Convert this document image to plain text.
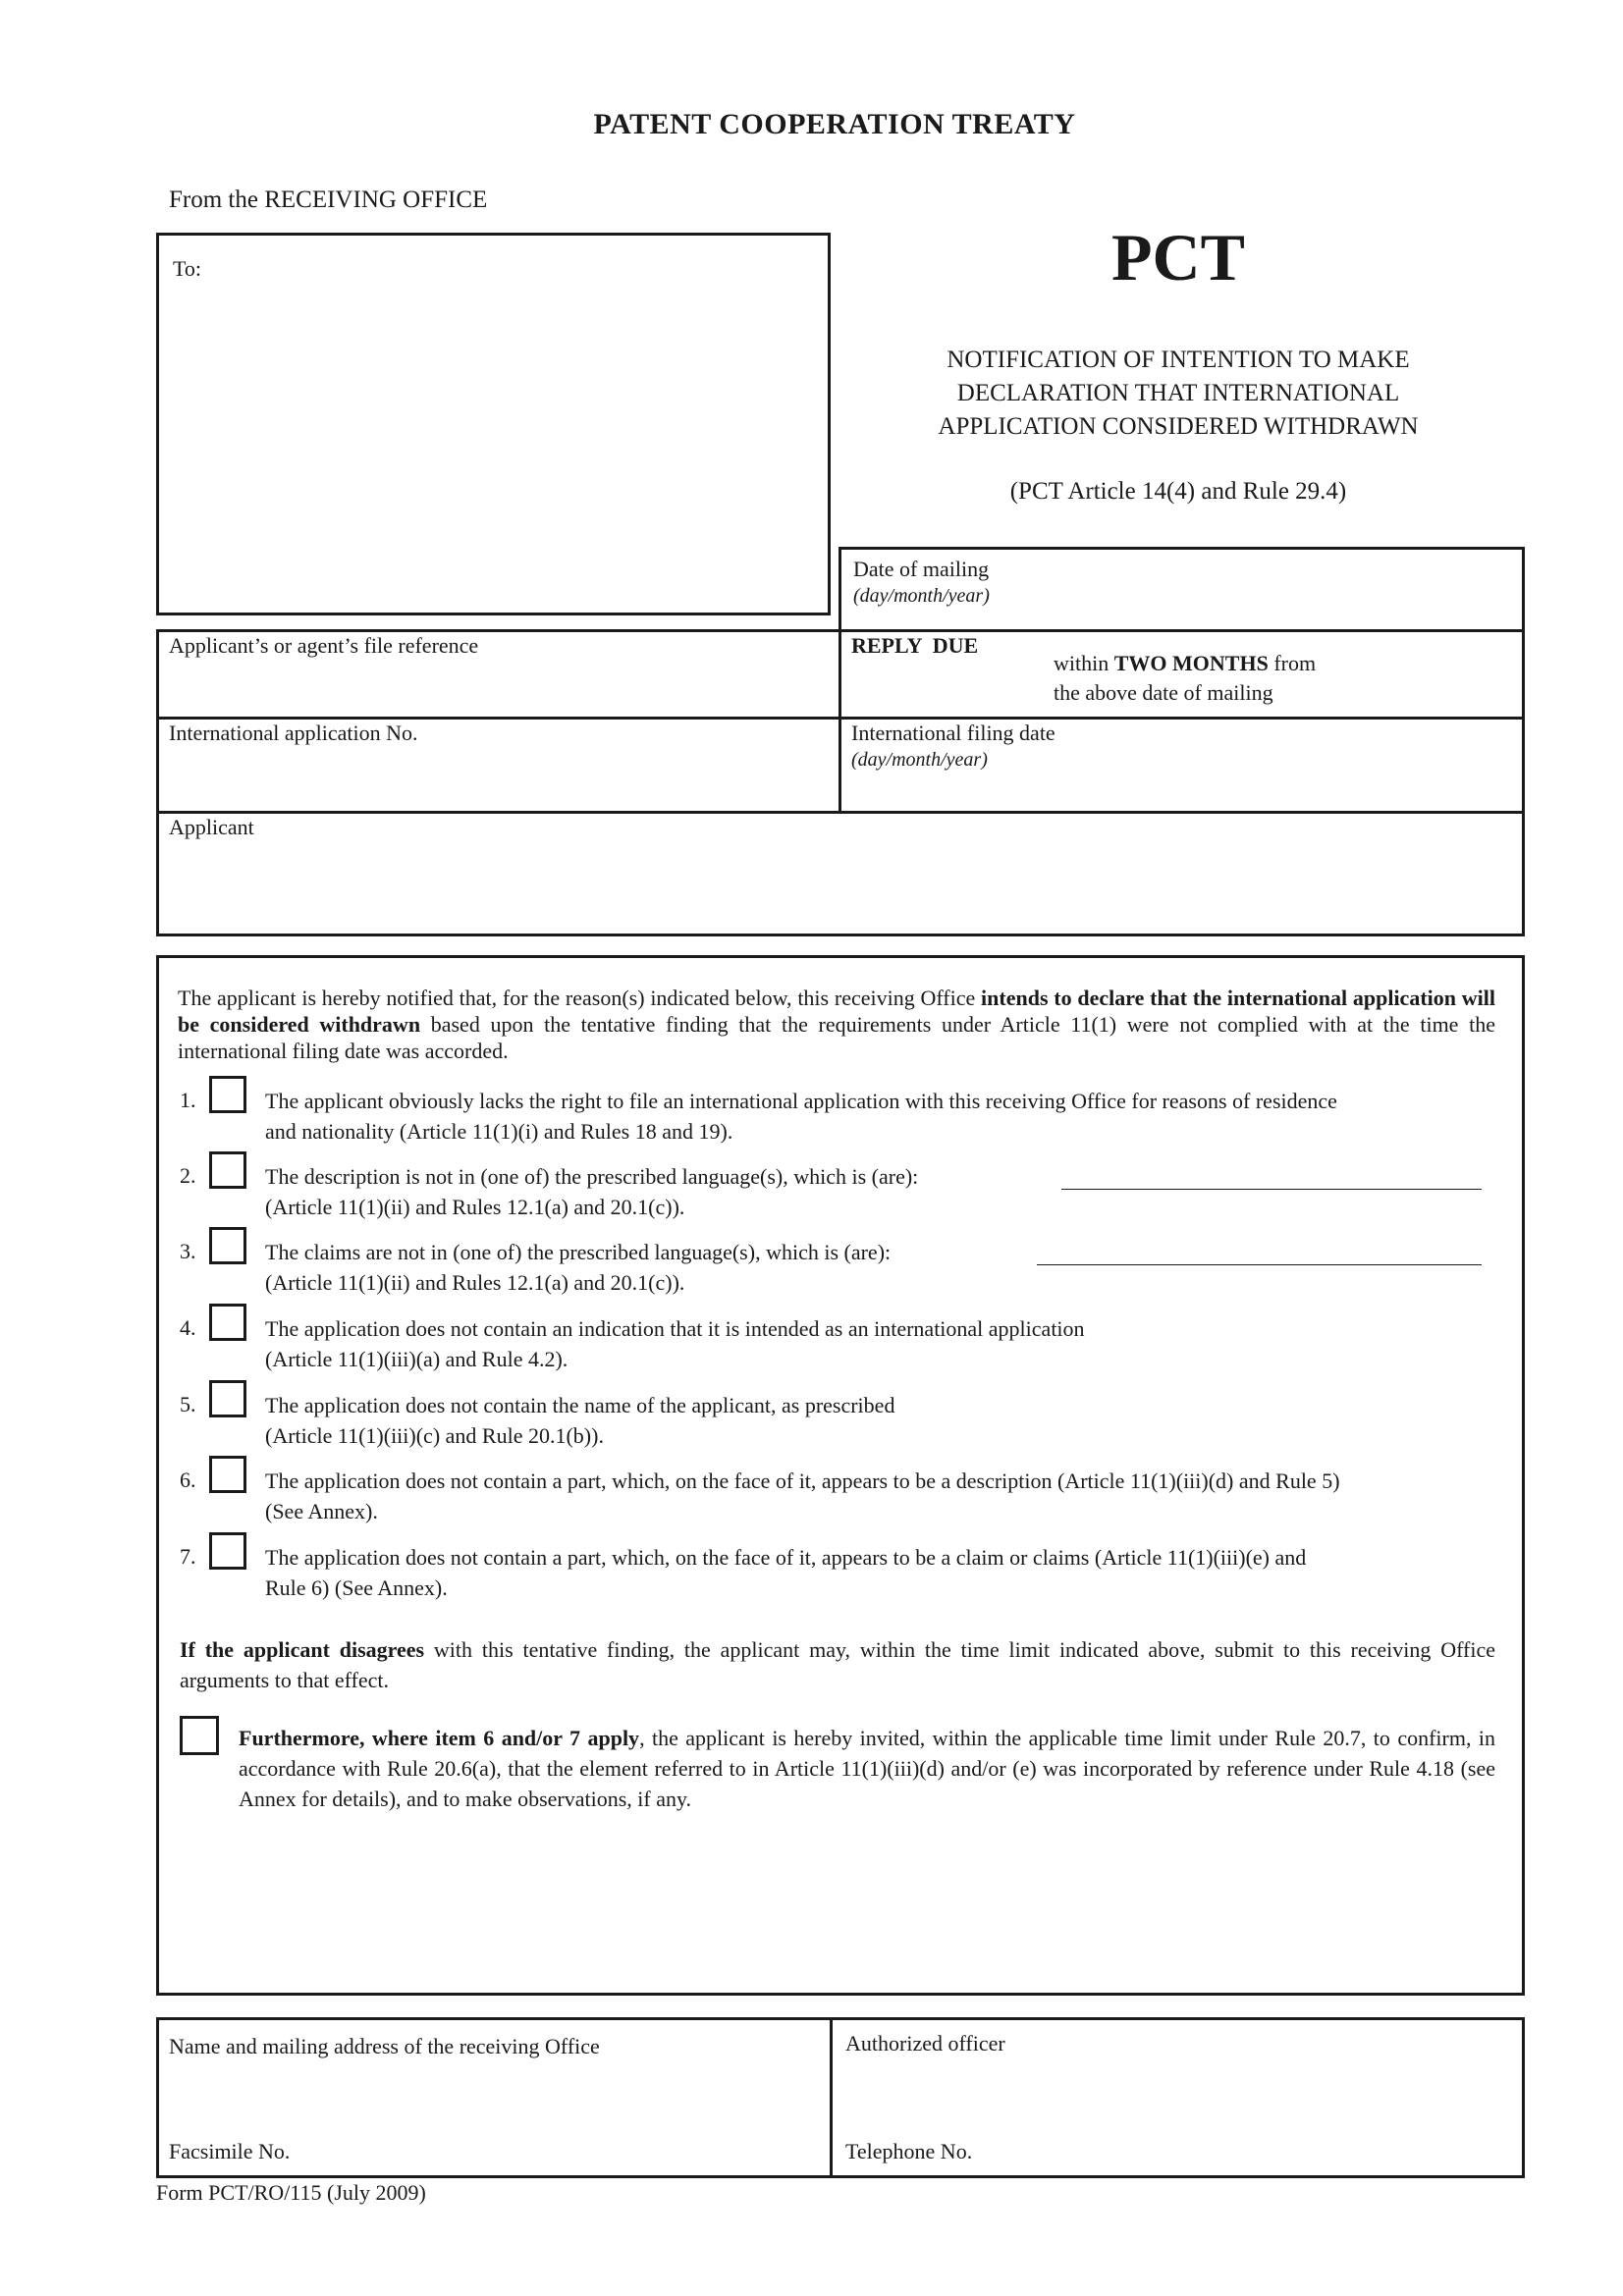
PATENT COOPERATION TREATY
From the RECEIVING OFFICE
To:	PCT
NOTIFICATION OF INTENTION TO MAKE
DECLARATION THAT INTERNATIONAL
APPLICATION CONSIDERED WITHDRAWN
(PCT Article 14(4) and Rule 29.4)
Date of mailing
(day/month/year)
Applicant’s or agent’s file reference	REPLY  DUE
within TWO MONTHS from
the above date of mailing
International application No.	International filing date
(day/month/year)
Applicant
The applicant is hereby notified that, for the reason(s) indicated below, this receiving Office intends to declare that the international application will be considered withdrawn based upon the tentative finding that the requirements under Article 11(1) were not complied with at the time the international filing date was accorded.
1.	The applicant obviously lacks the right to file an international application with this receiving Office for reasons of residence
and nationality (Article 11(1)(i) and Rules 18 and 19).
2.	The description is not in (one of) the prescribed language(s), which is (are):
(Article 11(1)(ii) and Rules 12.1(a) and 20.1(c)).
3.	The claims are not in (one of) the prescribed language(s), which is (are):
(Article 11(1)(ii) and Rules 12.1(a) and 20.1(c)).
4.	The application does not contain an indication that it is intended as an international application
(Article 11(1)(iii)(a) and Rule 4.2).
5.	The application does not contain the name of the applicant, as prescribed
(Article 11(1)(iii)(c) and Rule 20.1(b)).
6.	The application does not contain a part, which, on the face of it, appears to be a description (Article 11(1)(iii)(d) and Rule 5)
(See Annex).
7.	The application does not contain a part, which, on the face of it, appears to be a claim or claims (Article 11(1)(iii)(e) and
Rule 6) (See Annex).
If the applicant disagrees with this tentative finding, the applicant may, within the time limit indicated above, submit to this receiving Office arguments to that effect.
Furthermore, where item 6 and/or 7 apply, the applicant is hereby invited, within the applicable time limit under Rule 20.7, to confirm, in accordance with Rule 20.6(a), that the element referred to in Article 11(1)(iii)(d) and/or (e) was incorporated by reference under Rule 4.18 (see Annex for details), and to make observations, if any.
Name and mailing address of the receiving Office
Facsimile No.
Authorized officer
Telephone No.
Form PCT/RO/115 (July 2009)
